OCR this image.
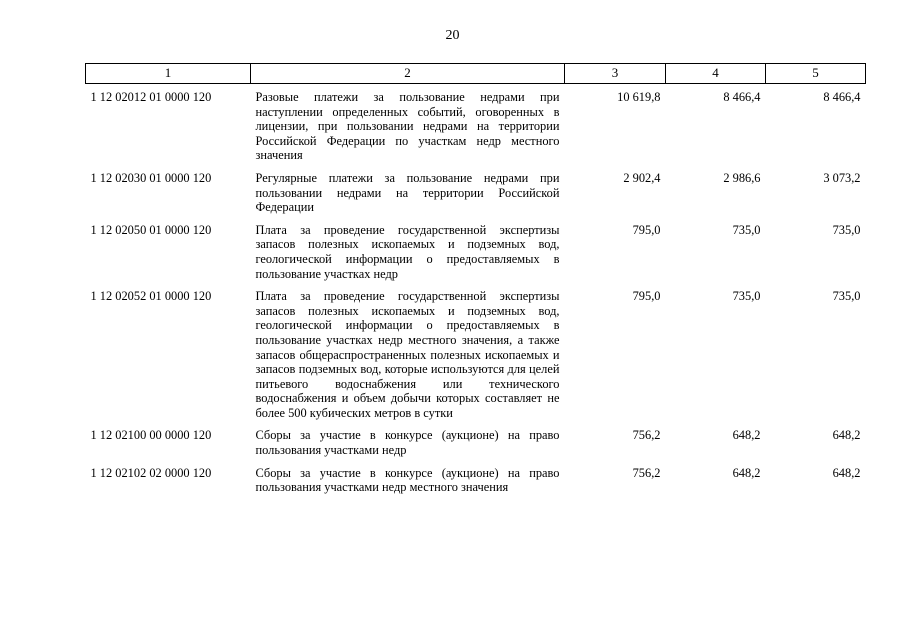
20
1	2	3	4	5
1 12 02012 01 0000 120	Разовые платежи за пользование недрами при наступлении определенных событий, оговоренных в лицензии, при пользовании недрами на территории Российской Федерации по участкам недр местного значения	10 619,8	8 466,4	8 466,4
1 12 02030 01 0000 120	Регулярные платежи за пользование недрами при пользовании недрами на территории Российской Федерации	2 902,4	2 986,6	3 073,2
1 12 02050 01 0000 120	Плата за проведение государственной экспертизы запасов полезных ископаемых и подземных вод, геологической информации о предоставляемых в пользование участках недр	795,0	735,0	735,0
1 12 02052 01 0000 120	Плата за проведение государственной экспертизы запасов полезных ископаемых и подземных вод, геологической информации о предоставляемых в пользование участках недр местного значения, а также запасов общераспространенных полезных ископаемых и запасов подземных вод, которые используются для целей питьевого водоснабжения или технического водоснабжения и объем добычи которых составляет не более 500 кубических метров в сутки	795,0	735,0	735,0
1 12 02100 00 0000 120	Сборы за участие в конкурсе (аукционе) на право пользования участками недр	756,2	648,2	648,2
1 12 02102 02 0000 120	Сборы за участие в конкурсе (аукционе) на право пользования участками недр местного значения	756,2	648,2	648,2
